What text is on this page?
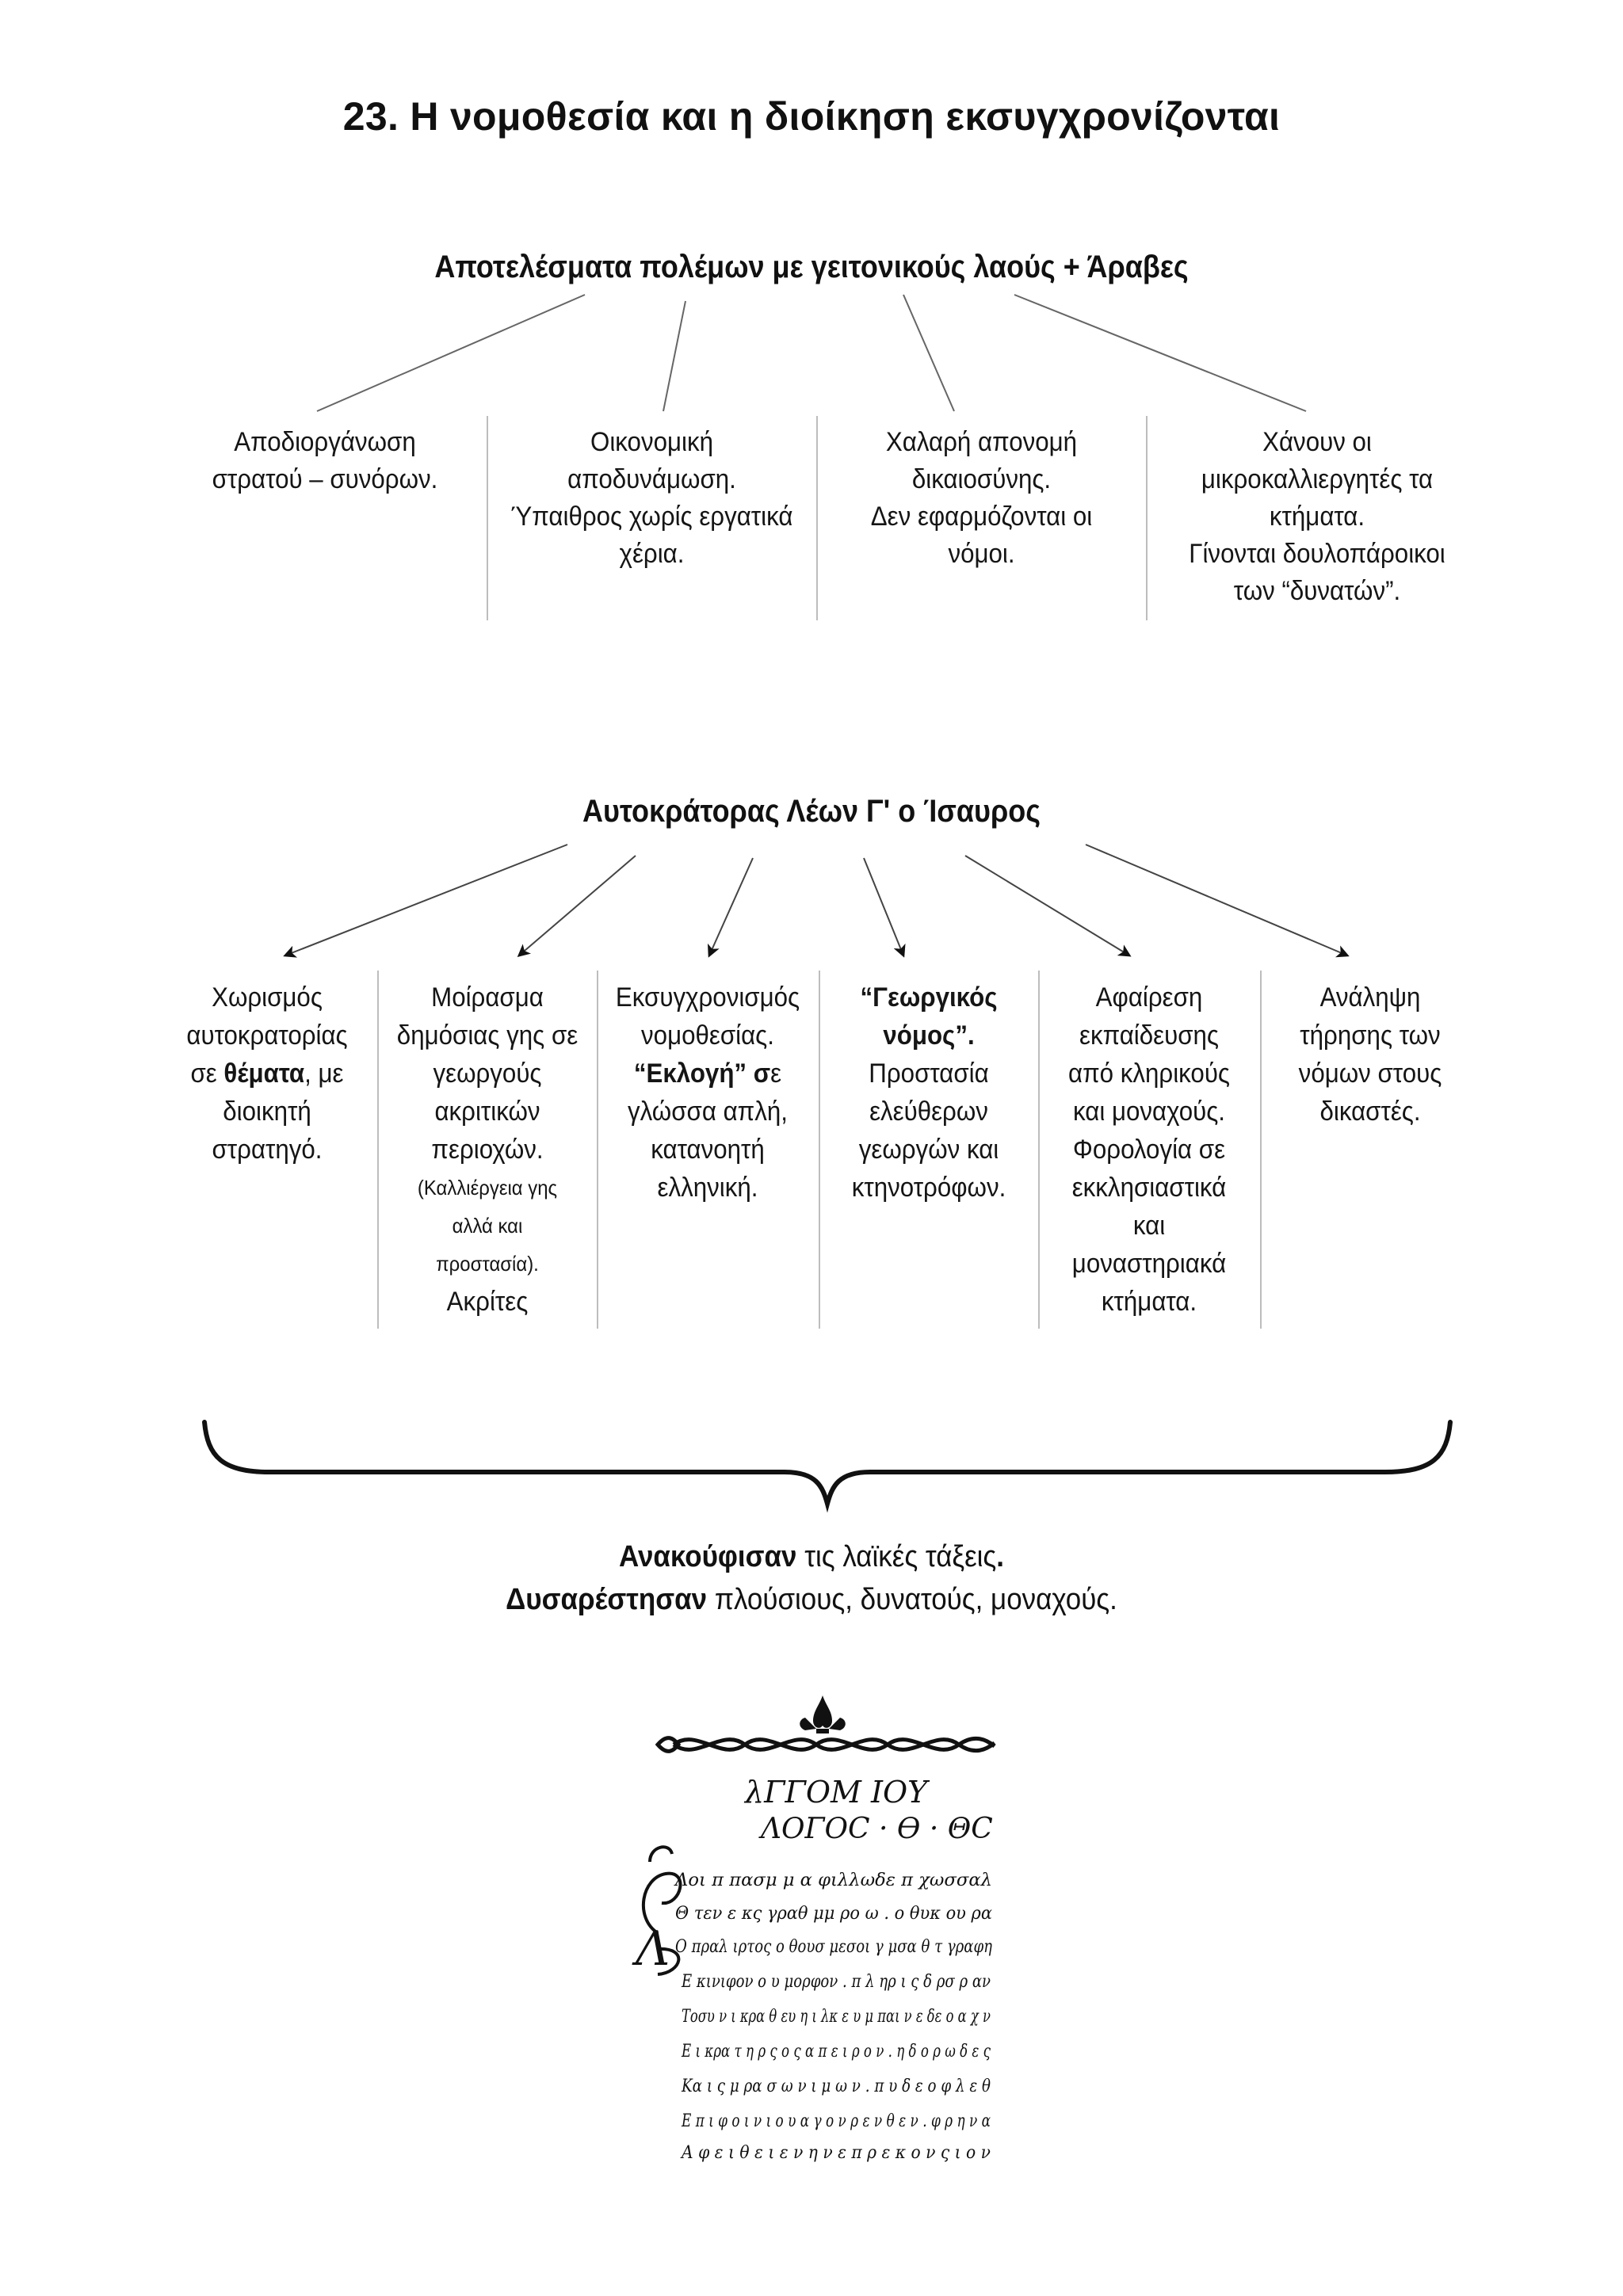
23. Η νομοθεσία και η διοίκηση εκσυγχρονίζονται
Αποτελέσματα πολέμων με γειτονικούς λαούς + Άραβες
Αποδιοργάνωση
στρατού – συνόρων.
Οικονομική
αποδυνάμωση.
Ύπαιθρος χωρίς εργατικά
χέρια.
Χαλαρή απονομή
δικαιοσύνης.
Δεν εφαρμόζονται οι
νόμοι.
Χάνουν οι
μικροκαλλιεργητές τα
κτήματα.
Γίνονται δουλοπάροικοι
των “δυνατών”.
Αυτοκράτορας Λέων Γ' ο Ίσαυρος
Χωρισμός
αυτοκρατορίας
σε θέματα, με
διοικητή
στρατηγό.
Μοίρασμα
δημόσιας γης σε
γεωργούς
ακριτικών
περιοχών.
(Καλλιέργεια γης
αλλά και
προστασία).
Ακρίτες
Εκσυγχρονισμός
νομοθεσίας.
“Εκλογή” σε
γλώσσα απλή,
κατανοητή
ελληνική.
“Γεωργικός
νόμος”.
Προστασία
ελεύθερων
γεωργών και
κτηνοτρόφων.
Αφαίρεση
εκπαίδευσης
από κληρικούς
και μοναχούς.
Φορολογία σε
εκκλησιαστικά
και
μοναστηριακά
κτήματα.
Ανάληψη
τήρησης των
νόμων στους
δικαστές.
Ανακούφισαν τις λαϊκές τάξεις.
Δυσαρέστησαν πλούσιους, δυνατούς, μοναχούς.
λΓΓΟΜ ΙΟΥ
ΛΟΓΟC · Ѳ · ΘC
Λ
Λοι π πασμ μ α φιλλωδε π χωσσαλ
Θ τεν ε κς γραθ μμ ρο ω . ο θυκ ου ρα
Ο πραλ ιρτος ο θουσ μεσοι γ μσα θ τ γραφη
Ε κινιφον ο υ μορφον . π λ ηρ ι ς δ ρσ ρ αν
Τοσυ ν ι κρα θ ευ η ι λκ ε υ μ παι ν ε δε ο α χ ν
Ε ι κρα τ η ρ ς ο ς α π ε ι ρ ο ν . η δ ο ρ ω δ ε ς
Κα ι ς μ ρα σ ω ν ι μ ω ν . π υ δ ε ο φ λ ε θ
Ε π ι φ ο ι ν ι ο υ α γ ο ν ρ ε ν θ ε ν . φ ρ η ν α
Α φ ε ι θ ε ι ε ν η ν ε π ρ ε κ ο ν ς ι ο ν
